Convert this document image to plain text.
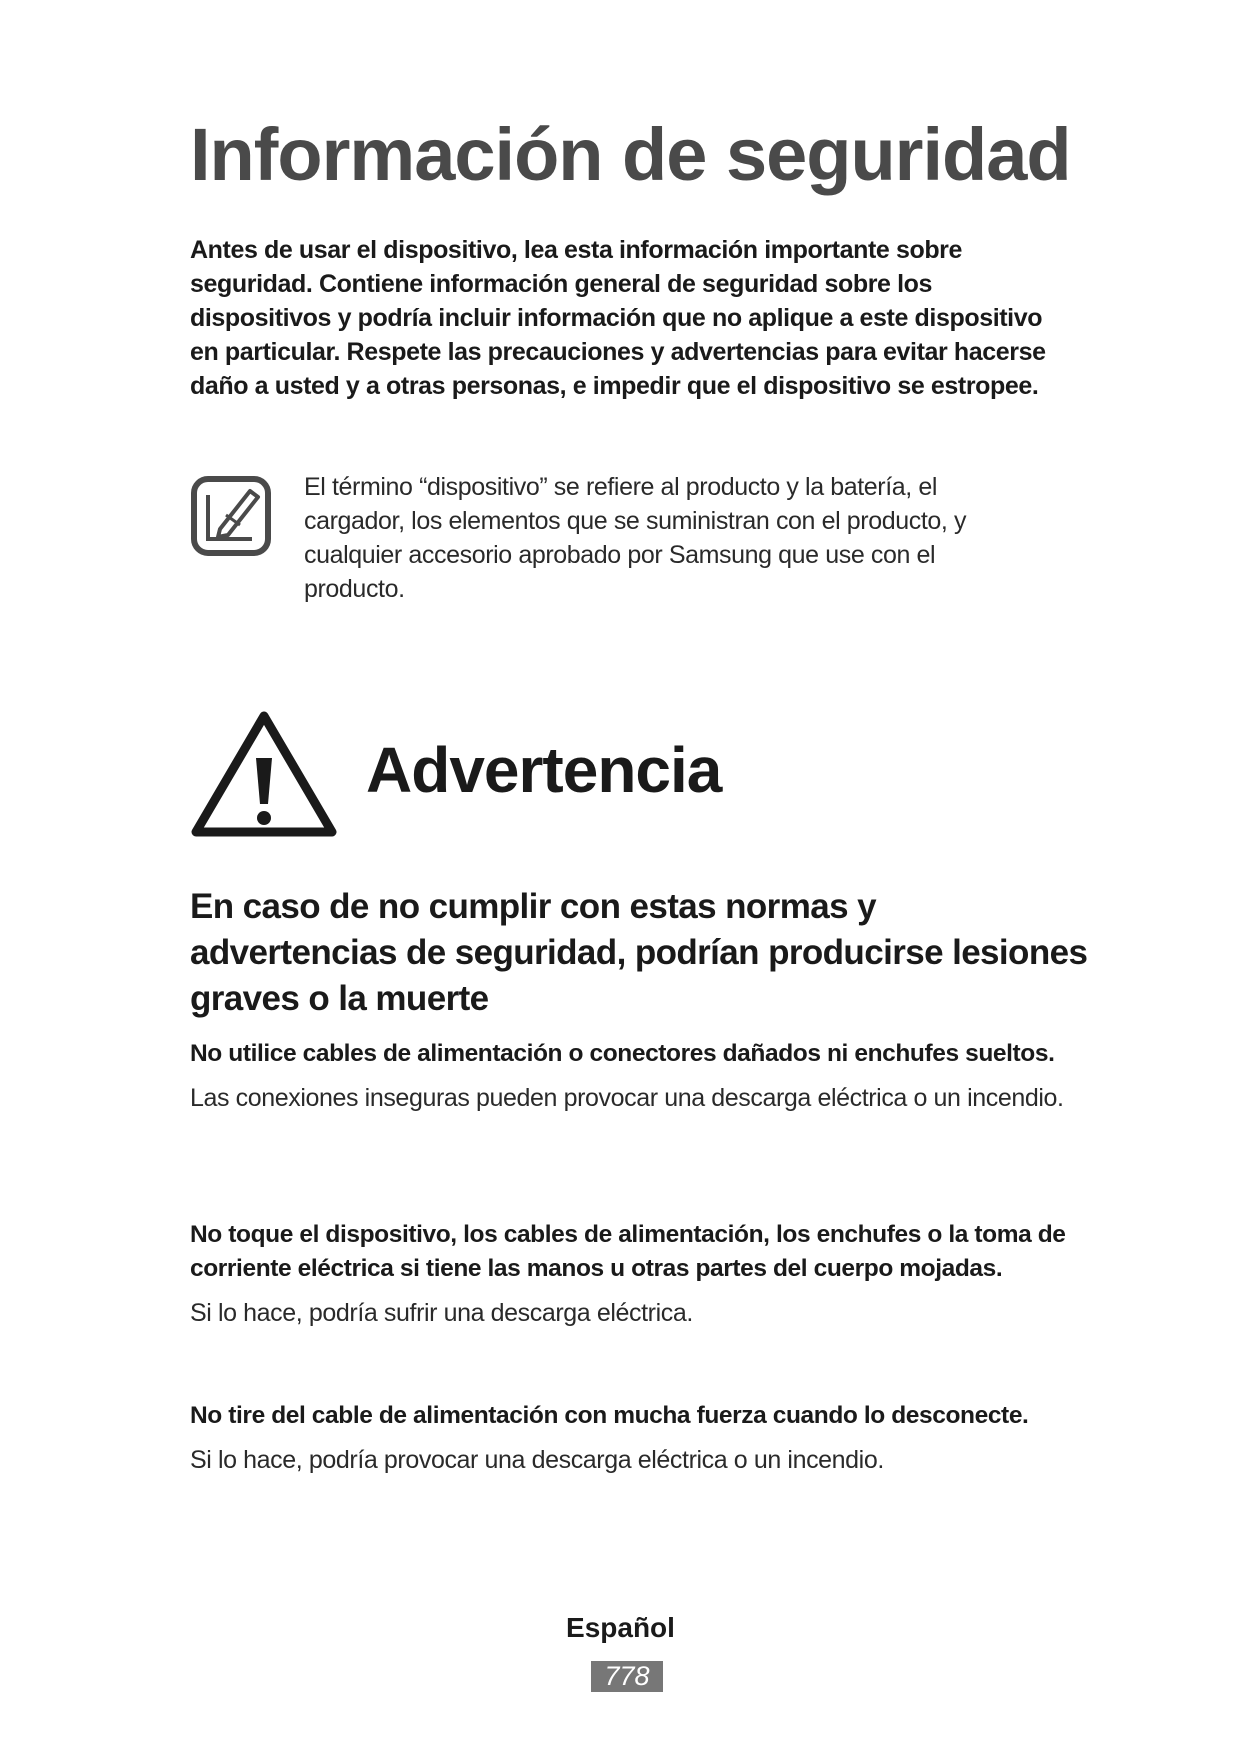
Información de seguridad

Antes de usar el dispositivo, lea esta información importante sobre seguridad. Contiene información general de seguridad sobre los dispositivos y podría incluir información que no aplique a este dispositivo en particular. Respete las precauciones y advertencias para evitar hacerse daño a usted y a otras personas, e impedir que el dispositivo se estropee.

El término “dispositivo” se refiere al producto y la batería, el cargador, los elementos que se suministran con el producto, y cualquier accesorio aprobado por Samsung que use con el producto.

Advertencia
En caso de no cumplir con estas normas y advertencias de seguridad, podrían producirse lesiones graves o la muerte

No utilice cables de alimentación o conectores dañados ni enchufes sueltos.

Las conexiones inseguras pueden provocar una descarga eléctrica o un incendio.

No toque el dispositivo, los cables de alimentación, los enchufes o la toma de corriente eléctrica si tiene las manos u otras partes del cuerpo mojadas.

Si lo hace, podría sufrir una descarga eléctrica.

No tire del cable de alimentación con mucha fuerza cuando lo desconecte.

Si lo hace, podría provocar una descarga eléctrica o un incendio.

Español

778
